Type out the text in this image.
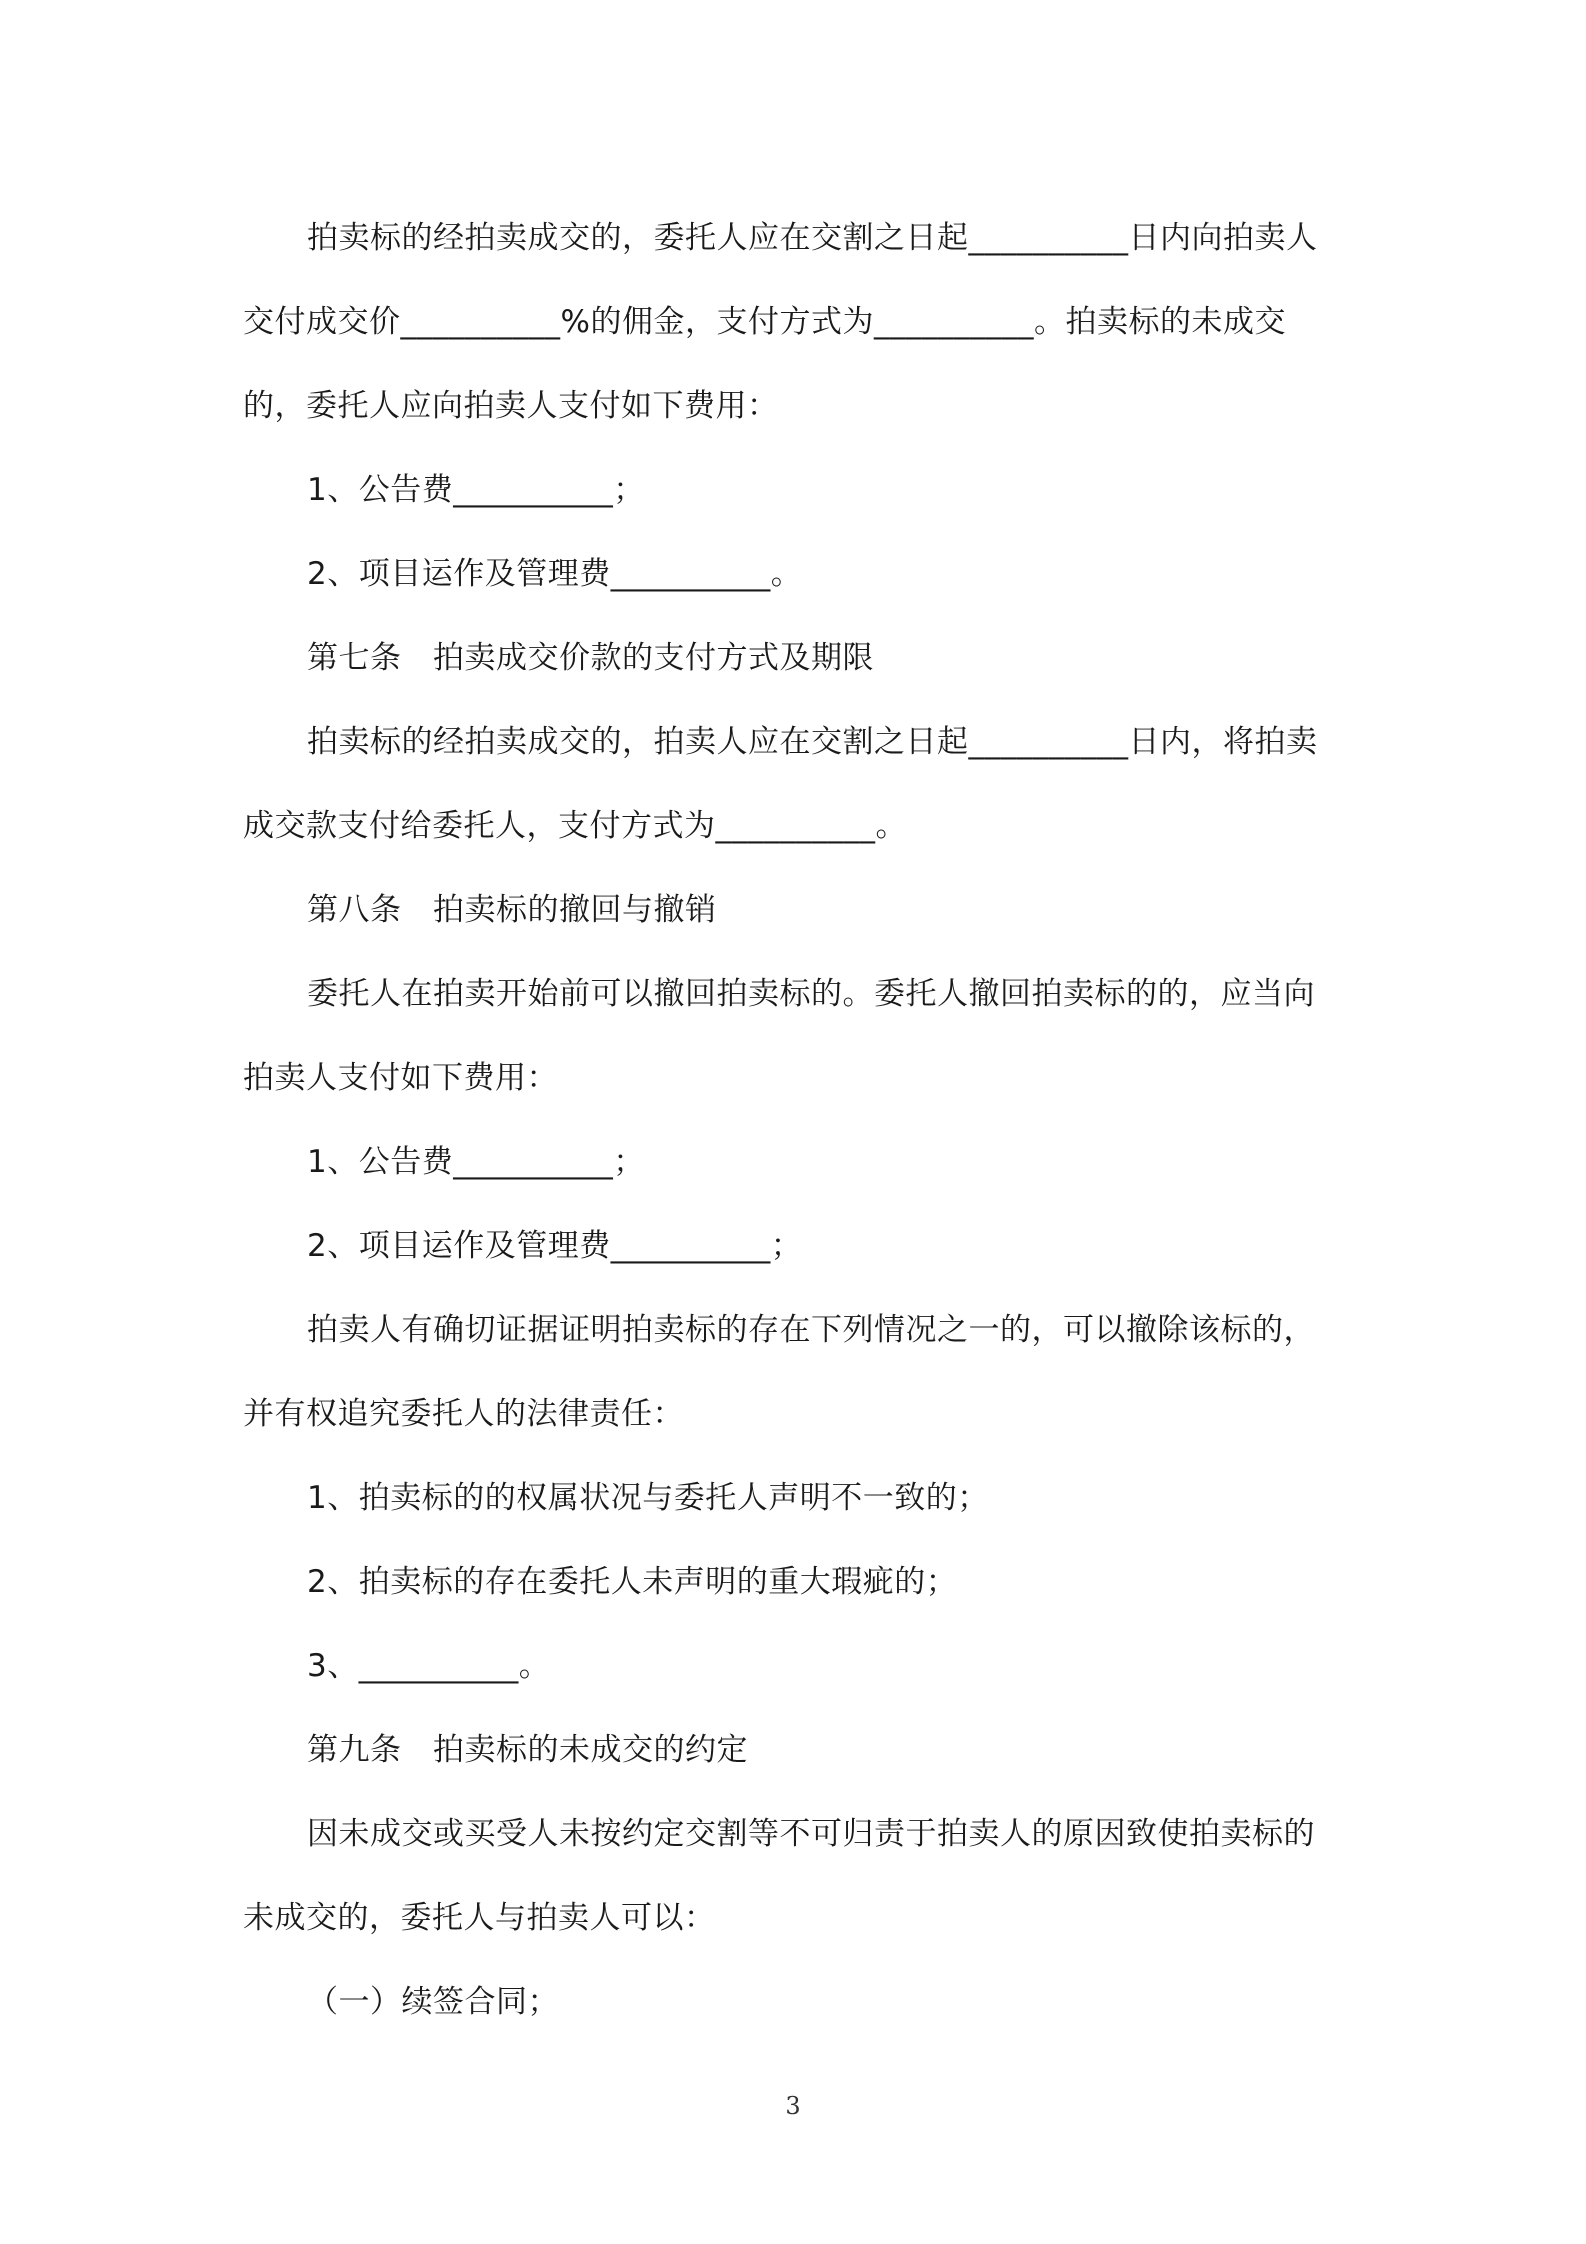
拍卖标的经拍卖成交的，委托人应在交割之日起__________日内向拍卖人
交付成交价__________%的佣金，支付方式为__________。拍卖标的未成交
的，委托人应向拍卖人支付如下费用：
1、公告费__________；
2、项目运作及管理费__________。
第七条　拍卖成交价款的支付方式及期限
拍卖标的经拍卖成交的，拍卖人应在交割之日起__________日内，将拍卖
成交款支付给委托人，支付方式为__________。
第八条　拍卖标的撤回与撤销
委托人在拍卖开始前可以撤回拍卖标的。委托人撤回拍卖标的的，应当向
拍卖人支付如下费用：
1、公告费__________；
2、项目运作及管理费__________；
拍卖人有确切证据证明拍卖标的存在下列情况之一的，可以撤除该标的，
并有权追究委托人的法律责任：
1、拍卖标的的权属状况与委托人声明不一致的；
2、拍卖标的存在委托人未声明的重大瑕疵的；
3、__________。
第九条　拍卖标的未成交的约定
因未成交或买受人未按约定交割等不可归责于拍卖人的原因致使拍卖标的
未成交的，委托人与拍卖人可以：
（一）续签合同；
3
